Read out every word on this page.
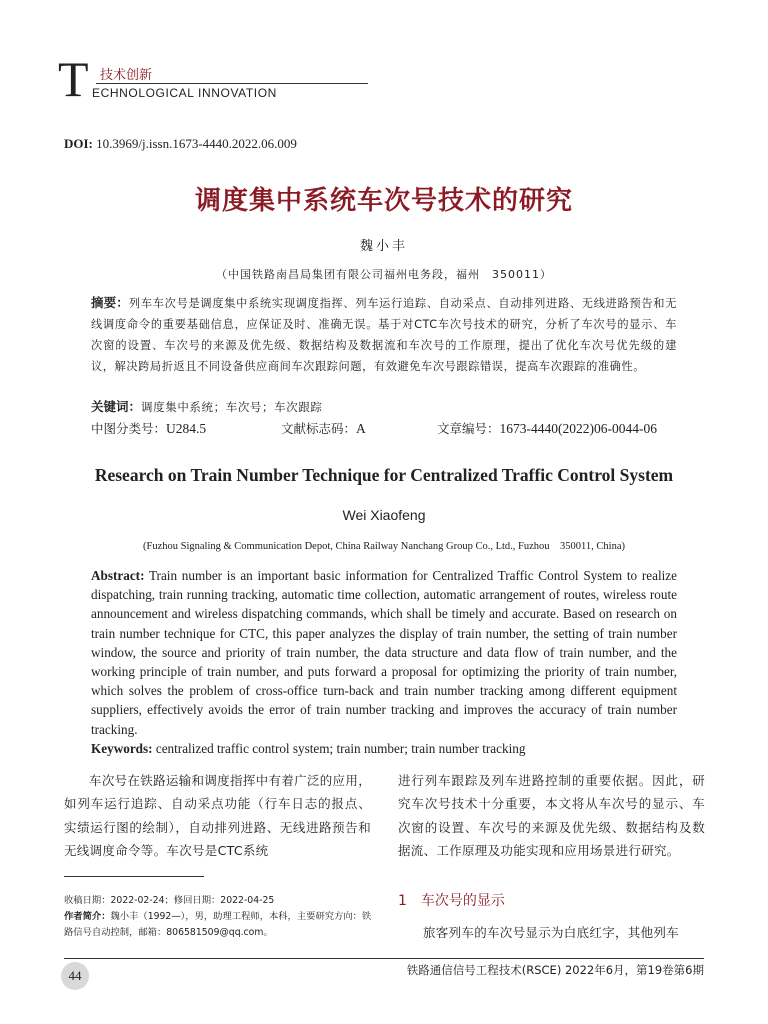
T 技术创新
ECHNOLOGICAL INNOVATION
DOI: 10.3969/j.issn.1673-4440.2022.06.009
调度集中系统车次号技术的研究
魏小丰
（中国铁路南昌局集团有限公司福州电务段，福州　350011）
摘要：列车车次号是调度集中系统实现调度指挥、列车运行追踪、自动采点、自动排列进路、无线进路预告和无线调度命令的重要基础信息，应保证及时、准确无误。基于对CTC车次号技术的研究，分析了车次号的显示、车次窗的设置、车次号的来源及优先级、数据结构及数据流和车次号的工作原理，提出了优化车次号优先级的建议，解决跨局折返且不同设备供应商间车次跟踪问题，有效避免车次号跟踪错误，提高车次跟踪的准确性。
关键词：调度集中系统；车次号；车次跟踪
中图分类号：U284.5	文献标志码：A	文章编号：1673-4440(2022)06-0044-06
Research on Train Number Technique for Centralized Traffic Control System
Wei Xiaofeng
(Fuzhou Signaling & Communication Depot, China Railway Nanchang Group Co., Ltd., Fuzhou　350011, China)
Abstract: Train number is an important basic information for Centralized Traffic Control System to realize dispatching, train running tracking, automatic time collection, automatic arrangement of routes, wireless route announcement and wireless dispatching commands, which shall be timely and accurate. Based on research on train number technique for CTC, this paper analyzes the display of train number, the setting of train number window, the source and priority of train number, the data structure and data flow of train number, and the working principle of train number, and puts forward a proposal for optimizing the priority of train number, which solves the problem of cross-office turn-back and train number tracking among different equipment suppliers, effectively avoids the error of train number tracking and improves the accuracy of train number tracking.
Keywords: centralized traffic control system; train number; train number tracking
车次号在铁路运输和调度指挥中有着广泛的应用，如列车运行追踪、自动采点功能（行车日志的报点、实绩运行图的绘制），自动排列进路、无线进路预告和无线调度命令等。车次号是CTC系统
进行列车跟踪及列车进路控制的重要依据。因此，研究车次号技术十分重要，本文将从车次号的显示、车次窗的设置、车次号的来源及优先级、数据结构及数据流、工作原理及功能实现和应用场景进行研究。
1 车次号的显示
旅客列车的车次号显示为白底红字，其他列车
收稿日期：2022-02-24；修回日期：2022-04-25
作者简介：魏小丰（1992—），男，助理工程师，本科，主要研究方向：铁路信号自动控制，邮箱：806581509@qq.com。
44	铁路通信信号工程技术(RSCE) 2022年6月，第19卷第6期
